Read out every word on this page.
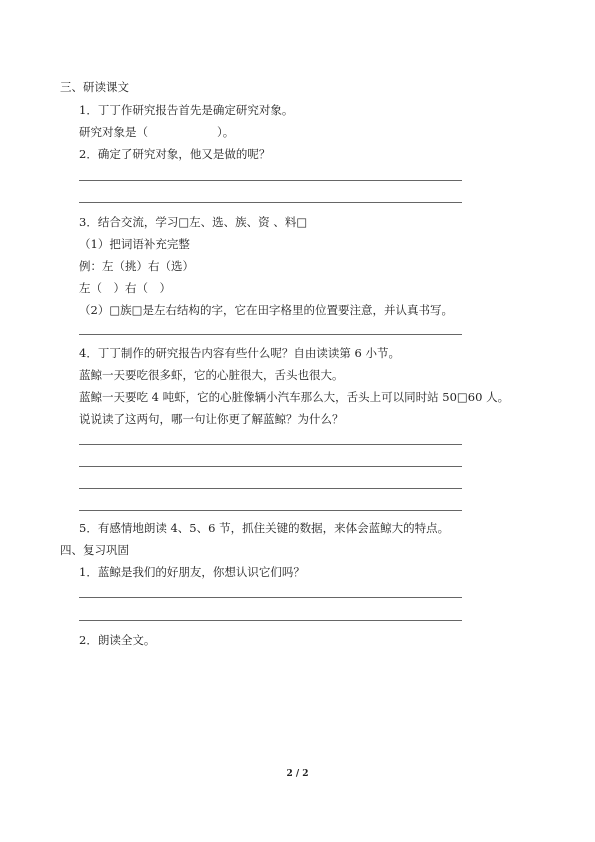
三、研读课文
1．丁丁作研究报告首先是确定研究对象。
研究对象是（　　　　　　）。
2．确定了研究对象，他又是做的呢？
3．结合交流，学习□左、选、族、资 、料□
（1）把词语补充完整
例：左（挑）右（选）
左（　）右（　）
（2）□族□是左右结构的字，它在田字格里的位置要注意，并认真书写。
4．丁丁制作的研究报告内容有些什么呢？自由读读第 6 小节。
蓝鲸一天要吃很多虾，它的心脏很大，舌头也很大。
蓝鲸一天要吃 4 吨虾，它的心脏像辆小汽车那么大，舌头上可以同时站 50□60 人。
说说读了这两句，哪一句让你更了解蓝鲸？为什么？
5．有感情地朗读 4、5、6 节，抓住关键的数据，来体会蓝鲸大的特点。
四、复习巩固
1．蓝鲸是我们的好朋友，你想认识它们吗？
2．朗读全文。
2 / 2
